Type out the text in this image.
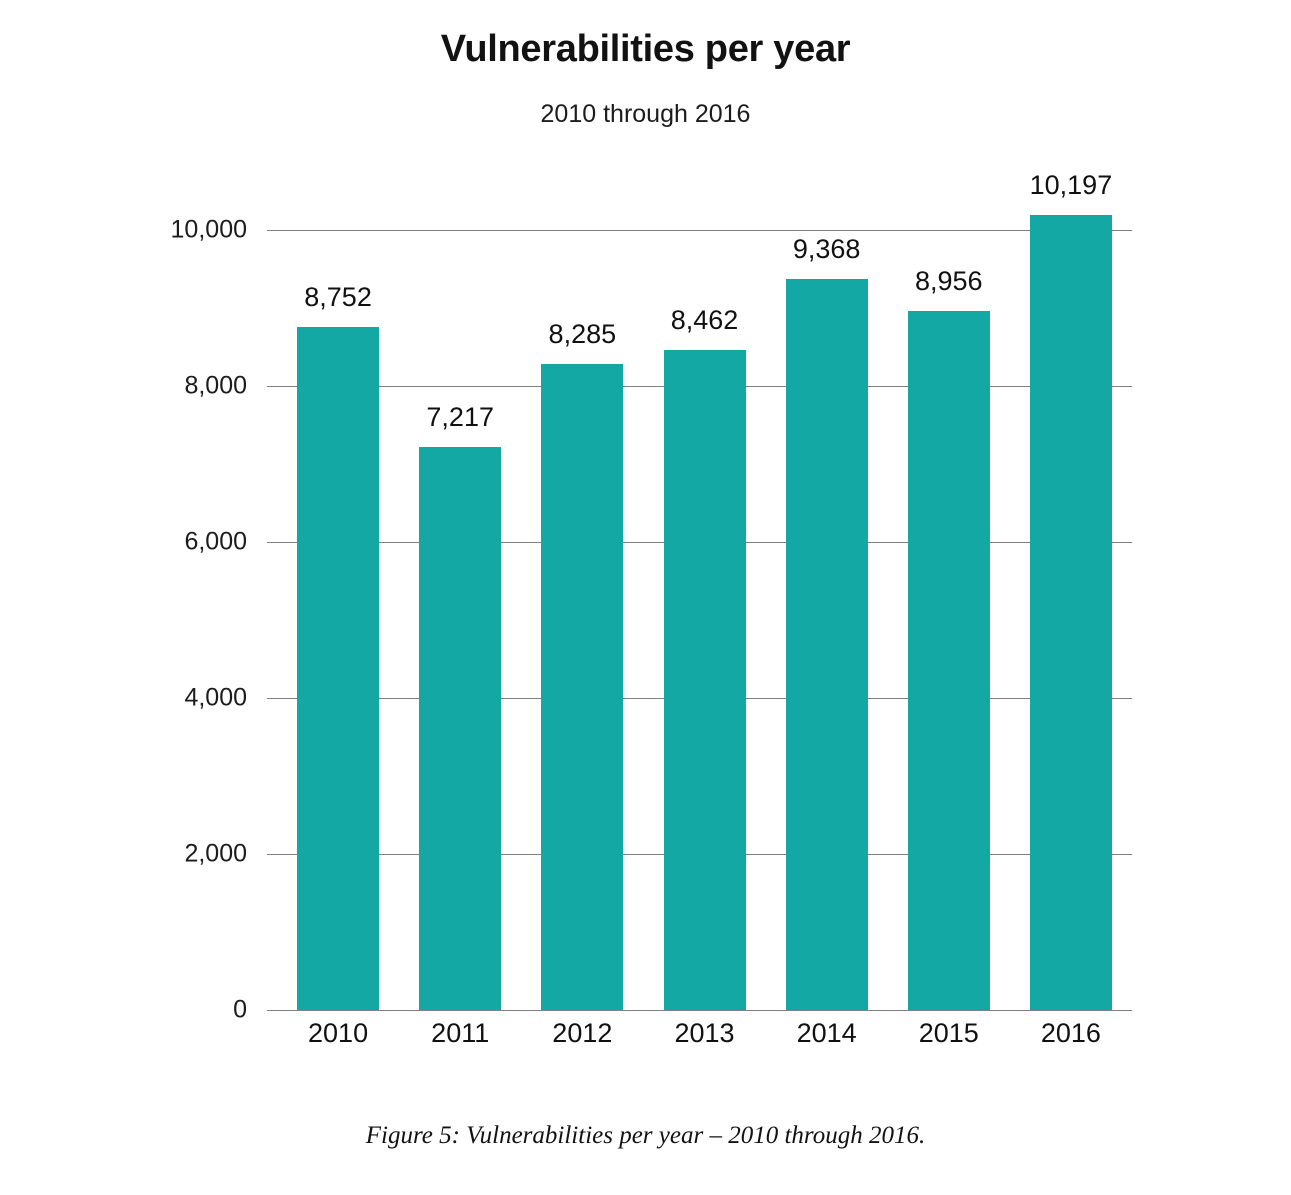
Vulnerabilities per year
2010 through 2016
8,752
7,217
8,285 8,462
9,368
8,956
10,197
Figure 5: Vulnerabilities per year – 2010 through 2016.
0
2,000
4,000
6,000
8,000
10,000
2010 2011 2012 2013 2014 2015 2016
